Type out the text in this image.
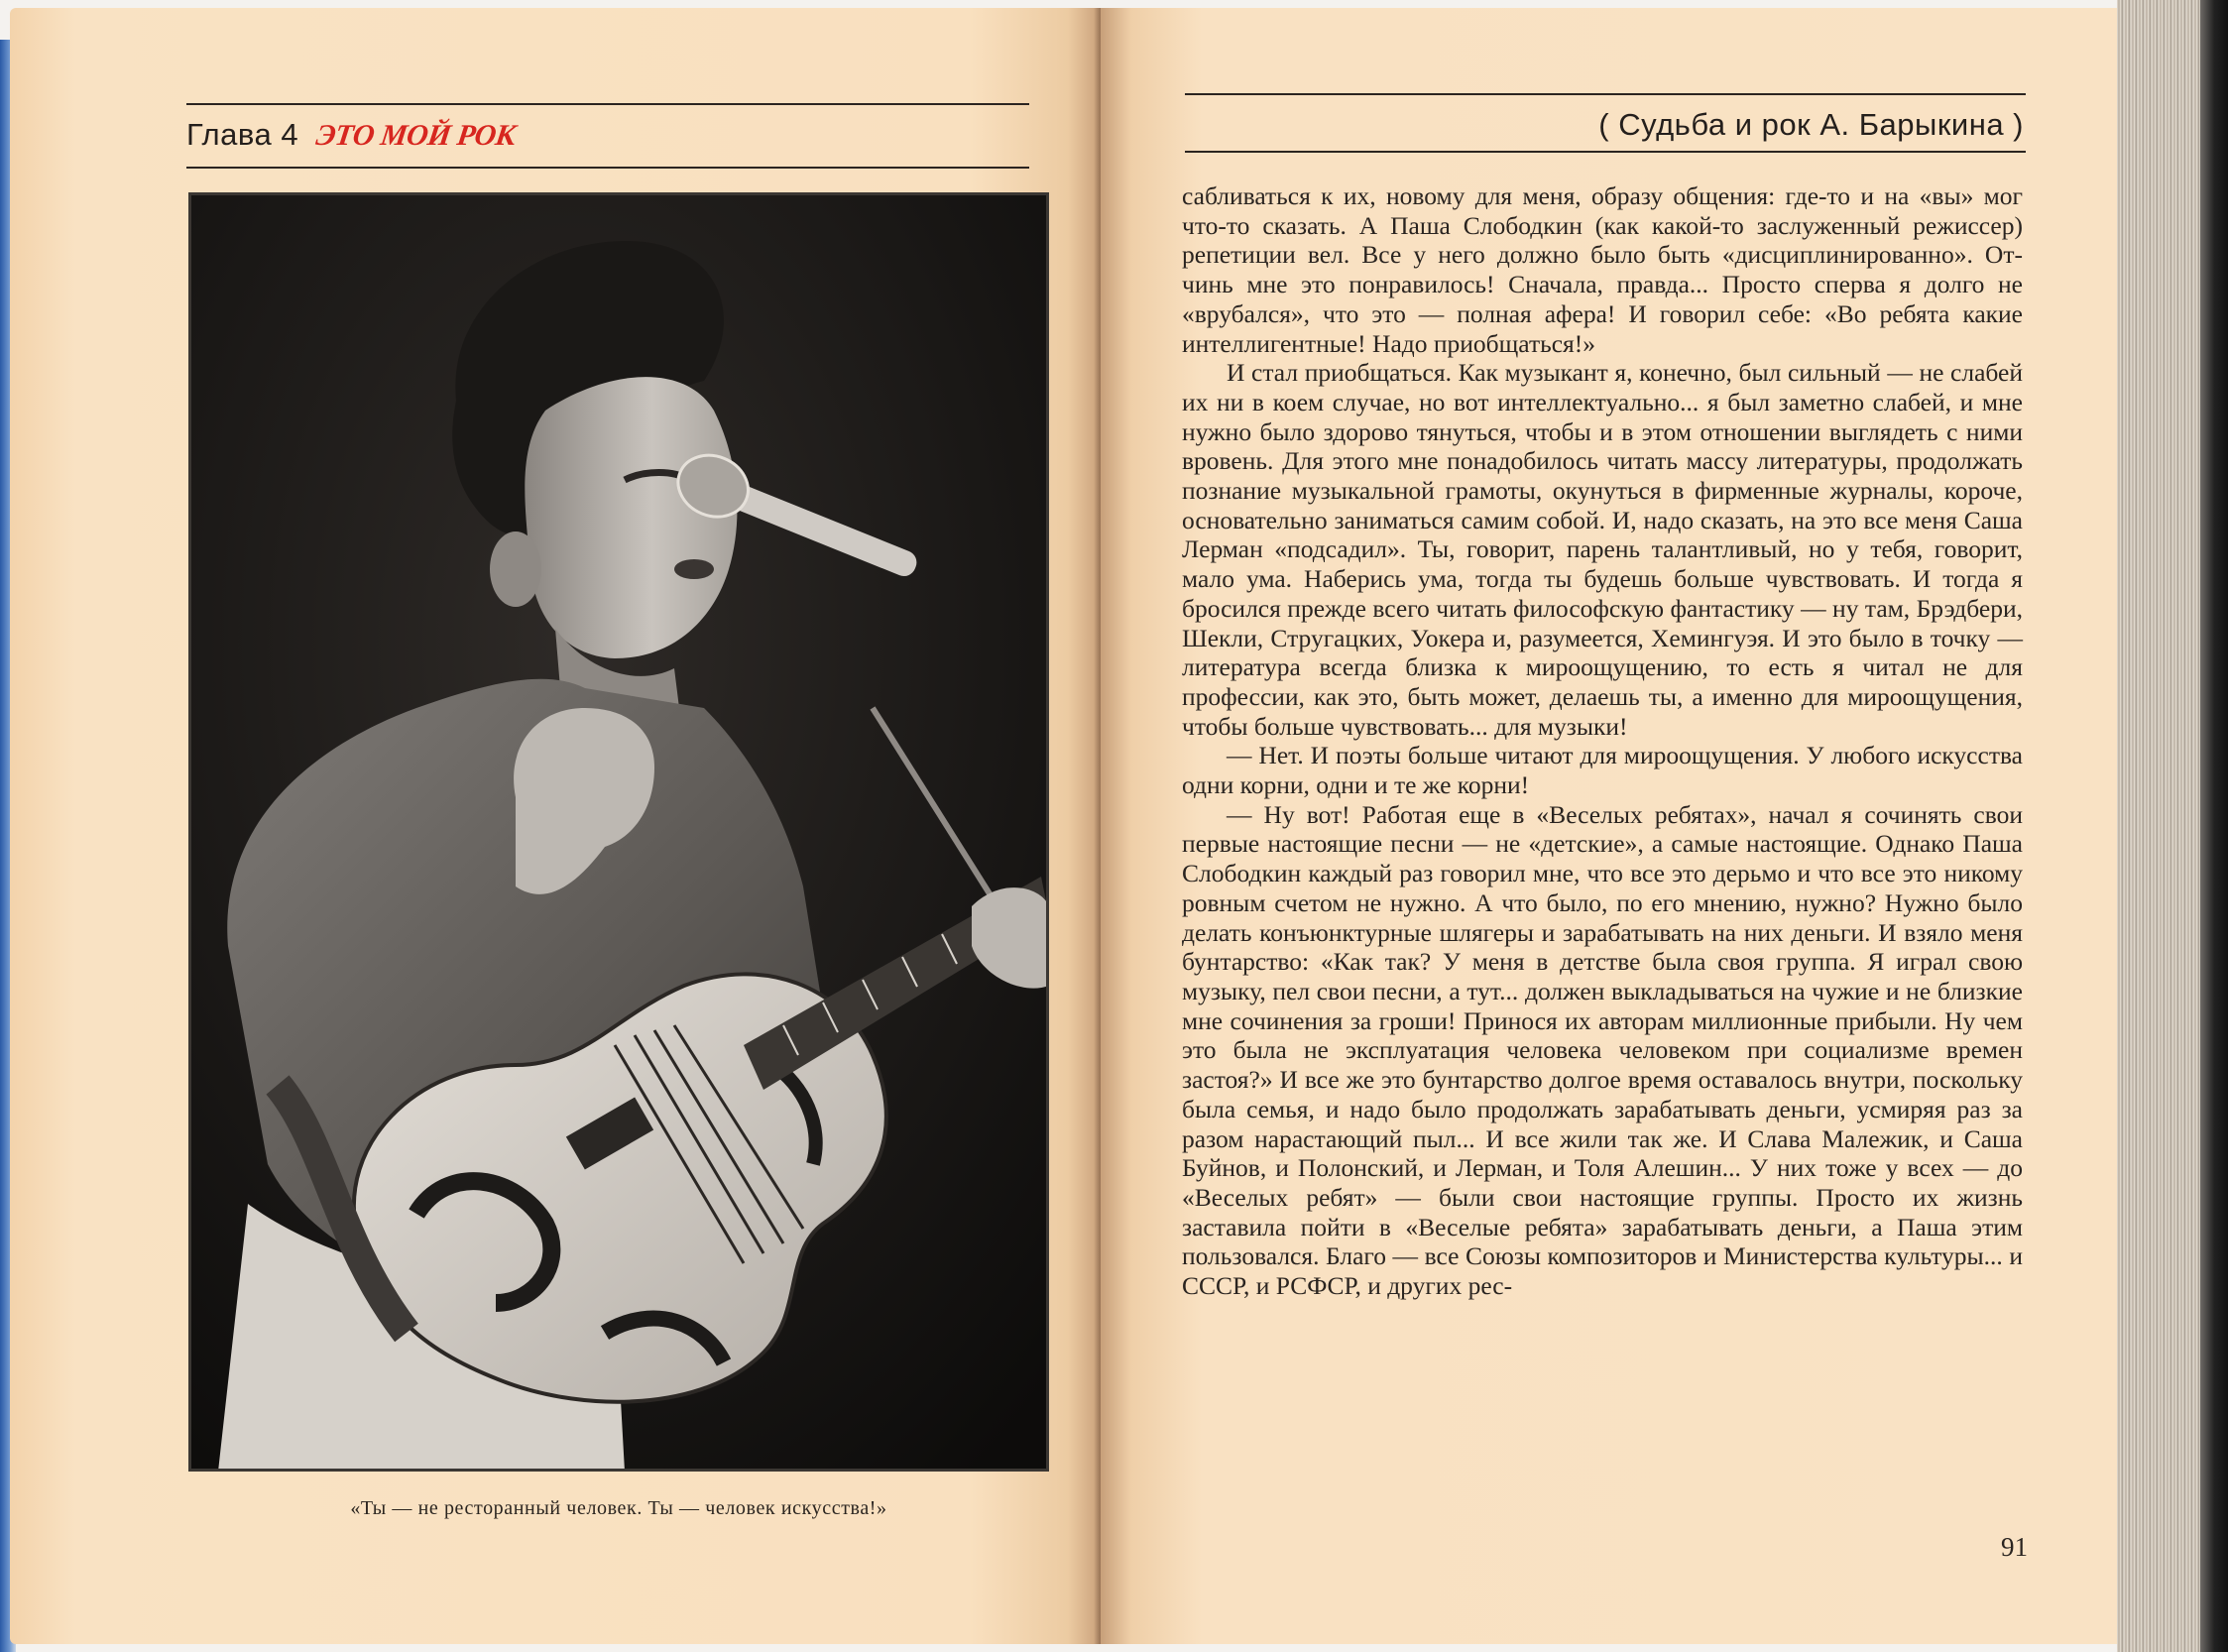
Глава 4 ЭТО МОЙ РОК
«Ты — не ресторанный человек. Ты — человек искусства!»
( Судьба и рок А. Барыкина )

сабливаться к их, новому для меня, образу общения: где-то и на «вы» мог что-то сказать. А Паша Слободкин (как какой-то заслуженный режиссер) репетиции вел. Все у него должно было быть «дисциплинированно». От-чинь мне это понравилось! Сначала, правда... Просто сперва я долго не «врубался», что это — полная афера! И говорил себе: «Во ребята какие интеллигентные! Надо приобщаться!»

И стал приобщаться. Как музыкант я, конечно, был сильный — не слабей их ни в коем случае, но вот интеллектуально... я был заметно слабей, и мне нужно было здорово тянуться, чтобы и в этом отношении выглядеть с ними вровень. Для этого мне понадобилось читать массу литературы, продолжать познание музыкальной грамоты, окунуться в фирменные журналы, короче, основательно заниматься самим собой. И, надо сказать, на это все меня Саша Лерман «подсадил». Ты, говорит, парень талантливый, но у тебя, говорит, мало ума. Наберись ума, тогда ты будешь больше чувствовать. И тогда я бросился прежде всего читать философскую фантастику — ну там, Брэдбери, Шекли, Стругацких, Уокера и, разумеется, Хемингуэя. И это было в точку — литература всегда близка к мироощущению, то есть я читал не для профессии, как это, быть может, делаешь ты, а именно для мироощущения, чтобы больше чувствовать... для музыки!

— Нет. И поэты больше читают для мироощущения. У любого искусства одни корни, одни и те же корни!

— Ну вот! Работая еще в «Веселых ребятах», начал я сочинять свои первые настоящие песни — не «детские», а самые настоящие. Однако Паша Слободкин каждый раз говорил мне, что все это дерьмо и что все это никому ровным счетом не нужно. А что было, по его мнению, нужно? Нужно было делать конъюнктурные шлягеры и зарабатывать на них деньги. И взяло меня бунтарство: «Как так? У меня в детстве была своя группа. Я играл свою музыку, пел свои песни, а тут... должен выкладываться на чужие и не близкие мне сочинения за гроши! Принося их авторам миллионные прибыли. Ну чем это была не эксплуатация человека человеком при социализме времен застоя?» И все же это бунтарство долгое время оставалось внутри, поскольку была семья, и надо было продолжать зарабатывать деньги, усмиряя раз за разом нарастающий пыл... И все жили так же. И Слава Малежик, и Саша Буйнов, и Полонский, и Лерман, и Толя Алешин... У них тоже у всех — до «Веселых ребят» — были свои настоящие группы. Просто их жизнь заставила пойти в «Веселые ребята» зарабатывать деньги, а Паша этим пользовался. Благо — все Союзы композиторов и Министерства культуры... и СССР, и РСФСР, и других рес-

91
